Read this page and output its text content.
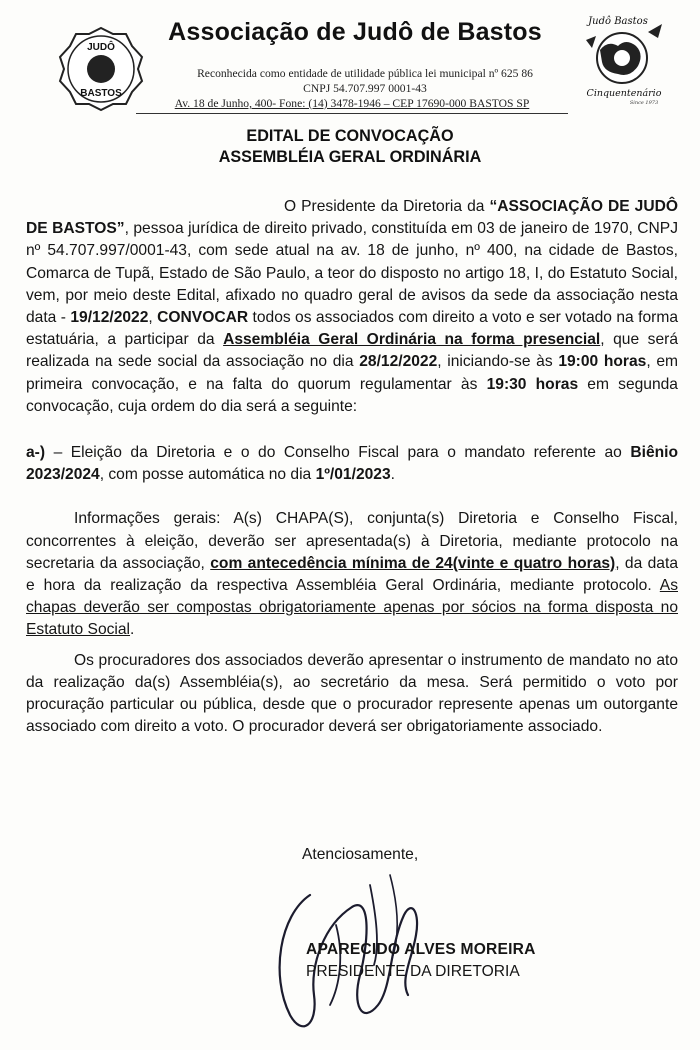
JUDÔ
BASTOS
Associação de Judô de Bastos
Reconhecida como entidade de utilidade pública lei municipal nº 625 86
CNPJ 54.707.997 0001-43
Av. 18 de Junho, 400- Fone: (14) 3478-1946 – CEP 17690-000 BASTOS SP
Judô Bastos
Cinquentenário
Since 1973
EDITAL DE CONVOCAÇÃO
ASSEMBLÉIA GERAL ORDINÁRIA

O Presidente da Diretoria da “ASSOCIAÇÃO DE JUDÔ DE BASTOS”, pessoa jurídica de direito privado, constituída em 03 de janeiro de 1970, CNPJ nº 54.707.997/0001-43, com sede atual na av. 18 de junho, nº 400, na cidade de Bastos, Comarca de Tupã, Estado de São Paulo, a teor do disposto no artigo 18, I, do Estatuto Social, vem, por meio deste Edital, afixado no quadro geral de avisos da sede da associação nesta data - 19/12/2022, CONVOCAR todos os associados com direito a voto e ser votado na forma estatuária, a participar da Assembléia Geral Ordinária na forma presencial, que será realizada na sede social da associação no dia 28/12/2022, iniciando-se às 19:00 horas, em primeira convocação, e na falta do quorum regulamentar às 19:30 horas em segunda convocação, cuja ordem do dia será a seguinte:

a-) – Eleição da Diretoria e o do Conselho Fiscal para o mandato referente ao Biênio 2023/2024, com posse automática no dia 1º/01/2023.

Informações gerais: A(s) CHAPA(S), conjunta(s) Diretoria e Conselho Fiscal, concorrentes à eleição, deverão ser apresentada(s) à Diretoria, mediante protocolo na secretaria da associação, com antecedência mínima de 24(vinte e quatro horas), da data e hora da realização da respectiva Assembléia Geral Ordinária, mediante protocolo. As chapas deverão ser compostas obrigatoriamente apenas por sócios na forma disposta no Estatuto Social.

Os procuradores dos associados deverão apresentar o instrumento de mandato no ato da realização da(s) Assembléia(s), ao secretário da mesa. Será permitido o voto por procuração particular ou pública, desde que o procurador represente apenas um outorgante associado com direito a voto. O procurador deverá ser obrigatoriamente associado.

Atenciosamente,
APARECIDO ALVES MOREIRA
PRESIDENTE DA DIRETORIA
